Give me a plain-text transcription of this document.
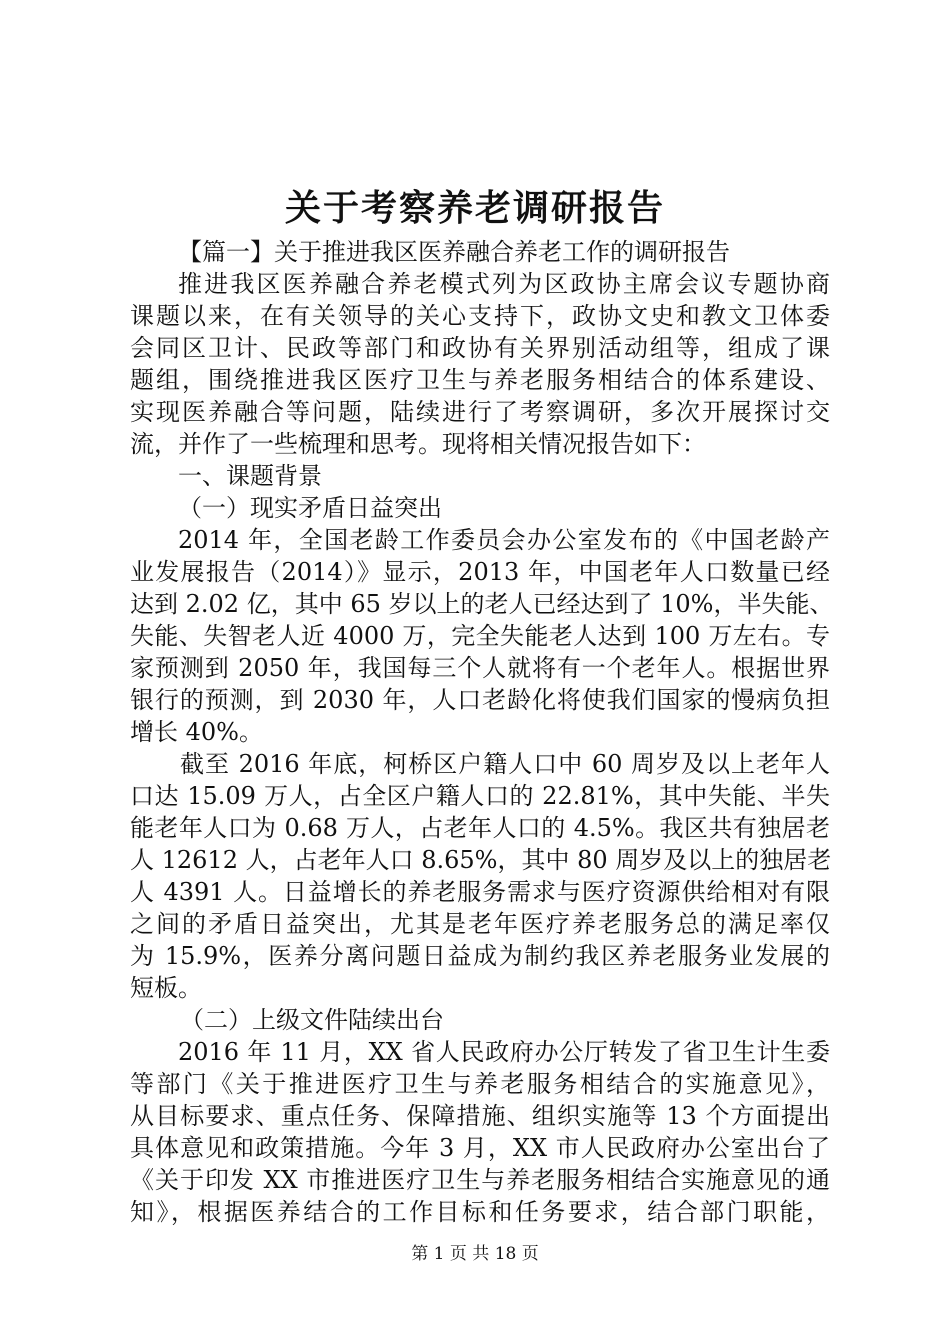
关于考察养老调研报告
【篇一】关于推进我区医养融合养老工作的调研报告
推进我区医养融合养老模式列为区政协主席会议专题协商
课题以来，在有关领导的关心支持下，政协文史和教文卫体委
会同区卫计、民政等部门和政协有关界别活动组等，组成了课
题组，围绕推进我区医疗卫生与养老服务相结合的体系建设、
实现医养融合等问题，陆续进行了考察调研，多次开展探讨交
流，并作了一些梳理和思考。现将相关情况报告如下：
一、课题背景
（一）现实矛盾日益突出
2014 年，全国老龄工作委员会办公室发布的《中国老龄产
业发展报告（2014）》显示，2013 年，中国老年人口数量已经
达到 2.02 亿，其中 65 岁以上的老人已经达到了 10%，半失能、
失能、失智老人近 4000 万，完全失能老人达到 100 万左右。专
家预测到 2050 年，我国每三个人就将有一个老年人。根据世界
银行的预测，到 2030 年，人口老龄化将使我们国家的慢病负担
增长 40%。
截至 2016 年底，柯桥区户籍人口中 60 周岁及以上老年人
口达 15.09 万人，占全区户籍人口的 22.81%，其中失能、半失
能老年人口为 0.68 万人，占老年人口的 4.5%。我区共有独居老
人 12612 人，占老年人口 8.65%，其中 80 周岁及以上的独居老
人 4391 人。日益增长的养老服务需求与医疗资源供给相对有限
之间的矛盾日益突出，尤其是老年医疗养老服务总的满足率仅
为 15.9%，医养分离问题日益成为制约我区养老服务业发展的
短板。
（二）上级文件陆续出台
2016 年 11 月，XX 省人民政府办公厅转发了省卫生计生委
等部门《关于推进医疗卫生与养老服务相结合的实施意见》，
从目标要求、重点任务、保障措施、组织实施等 13 个方面提出
具体意见和政策措施。今年 3 月，XX 市人民政府办公室出台了
《关于印发 XX 市推进医疗卫生与养老服务相结合实施意见的通
知》，根据医养结合的工作目标和任务要求，结合部门职能，
第 1 页 共 18 页
